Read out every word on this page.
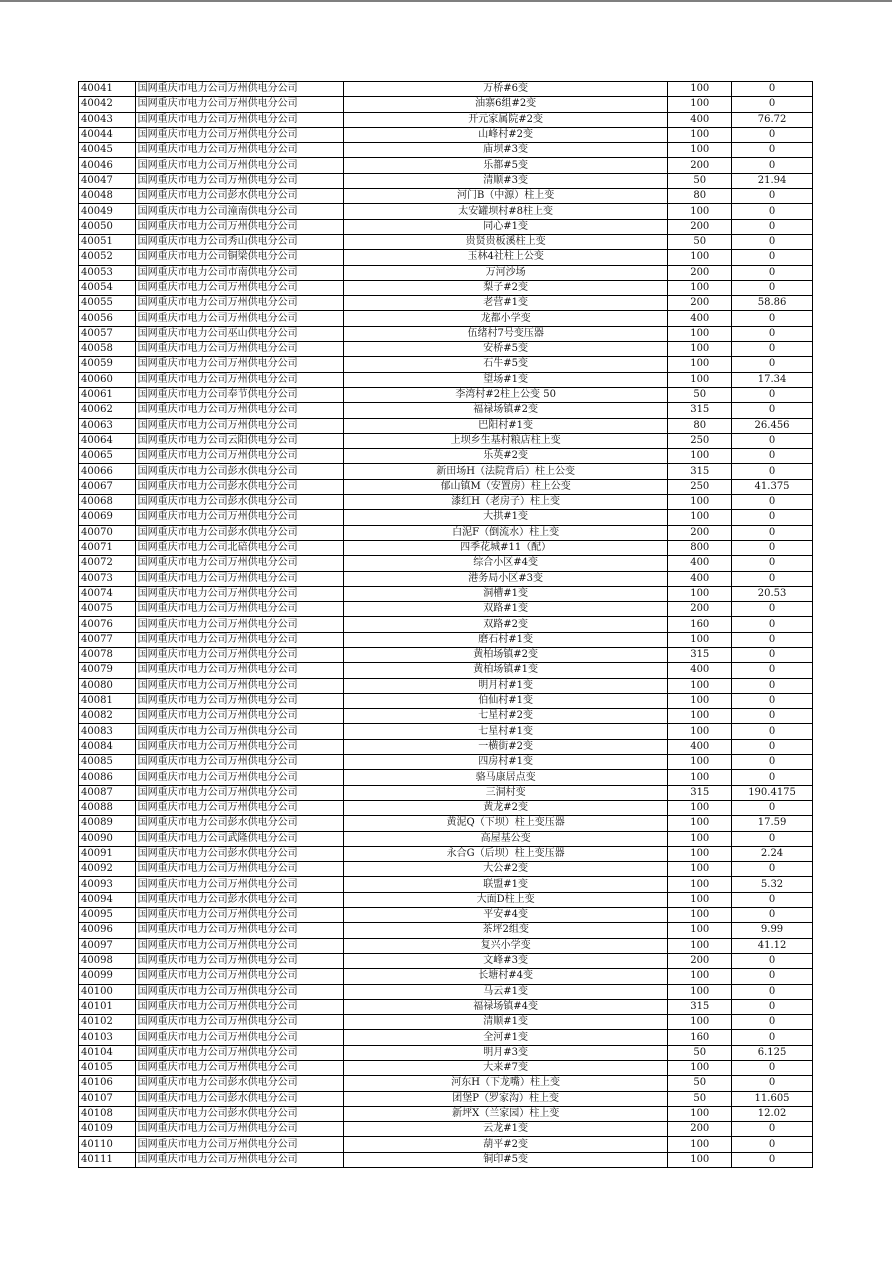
40041	国网重庆市电力公司万州供电分公司	万桥#6变	100	0
40042	国网重庆市电力公司万州供电分公司	油寨6组#2变	100	0
40043	国网重庆市电力公司万州供电分公司	开元家属院#2变	400	76.72
40044	国网重庆市电力公司万州供电分公司	山峰村#2变	100	0
40045	国网重庆市电力公司万州供电分公司	庙坝#3变	100	0
40046	国网重庆市电力公司万州供电分公司	乐都#5变	200	0
40047	国网重庆市电力公司万州供电分公司	清顺#3变	50	21.94
40048	国网重庆市电力公司彭水供电分公司	河门B（中源）柱上变	80	0
40049	国网重庆市电力公司潼南供电分公司	太安罐坝村#8柱上变	100	0
40050	国网重庆市电力公司万州供电分公司	同心#1变	200	0
40051	国网重庆市电力公司秀山供电分公司	贵贤贵板溪柱上变	50	0
40052	国网重庆市电力公司铜梁供电分公司	玉林4社柱上公变	100	0
40053	国网重庆市电力公司市南供电分公司	万河沙场	200	0
40054	国网重庆市电力公司万州供电分公司	梨子#2变	100	0
40055	国网重庆市电力公司万州供电分公司	老营#1变	200	58.86
40056	国网重庆市电力公司万州供电分公司	龙都小学变	400	0
40057	国网重庆市电力公司巫山供电分公司	伍绪村7号变压器	100	0
40058	国网重庆市电力公司万州供电分公司	安桥#5变	100	0
40059	国网重庆市电力公司万州供电分公司	石牛#5变	100	0
40060	国网重庆市电力公司万州供电分公司	望场#1变	100	17.34
40061	国网重庆市电力公司奉节供电分公司	李湾村#2柱上公变 50	50	0
40062	国网重庆市电力公司万州供电分公司	福禄场镇#2变	315	0
40063	国网重庆市电力公司万州供电分公司	巴阳村#1变	80	26.456
40064	国网重庆市电力公司云阳供电分公司	上坝乡生基村粮店柱上变	250	0
40065	国网重庆市电力公司万州供电分公司	乐英#2变	100	0
40066	国网重庆市电力公司彭水供电分公司	新田场H（法院背后）柱上公变	315	0
40067	国网重庆市电力公司彭水供电分公司	郁山镇M（安置房）柱上公变	250	41.375
40068	国网重庆市电力公司彭水供电分公司	漆红H（老房子）柱上变	100	0
40069	国网重庆市电力公司万州供电分公司	大拱#1变	100	0
40070	国网重庆市电力公司彭水供电分公司	白泥F（倒流水）柱上变	200	0
40071	国网重庆市电力公司北碚供电分公司	四季花城#11（配）	800	0
40072	国网重庆市电力公司万州供电分公司	综合小区#4变	400	0
40073	国网重庆市电力公司万州供电分公司	港务局小区#3变	400	0
40074	国网重庆市电力公司万州供电分公司	洞槽#1变	100	20.53
40075	国网重庆市电力公司万州供电分公司	双路#1变	200	0
40076	国网重庆市电力公司万州供电分公司	双路#2变	160	0
40077	国网重庆市电力公司万州供电分公司	磨石村#1变	100	0
40078	国网重庆市电力公司万州供电分公司	黄柏场镇#2变	315	0
40079	国网重庆市电力公司万州供电分公司	黄柏场镇#1变	400	0
40080	国网重庆市电力公司万州供电分公司	明月村#1变	100	0
40081	国网重庆市电力公司万州供电分公司	伯仙村#1变	100	0
40082	国网重庆市电力公司万州供电分公司	七星村#2变	100	0
40083	国网重庆市电力公司万州供电分公司	七星村#1变	100	0
40084	国网重庆市电力公司万州供电分公司	一横街#2变	400	0
40085	国网重庆市电力公司万州供电分公司	四房村#1变	100	0
40086	国网重庆市电力公司万州供电分公司	骆马康居点变	100	0
40087	国网重庆市电力公司万州供电分公司	三洞村变	315	190.4175
40088	国网重庆市电力公司万州供电分公司	黄龙#2变	100	0
40089	国网重庆市电力公司彭水供电分公司	黄泥Q（下坝）柱上变压器	100	17.59
40090	国网重庆市电力公司武隆供电分公司	高屋基公变	100	0
40091	国网重庆市电力公司彭水供电分公司	永合G（后坝）柱上变压器	100	2.24
40092	国网重庆市电力公司万州供电分公司	大公#2变	100	0
40093	国网重庆市电力公司万州供电分公司	联盟#1变	100	5.32
40094	国网重庆市电力公司彭水供电分公司	大面D柱上变	100	0
40095	国网重庆市电力公司万州供电分公司	平安#4变	100	0
40096	国网重庆市电力公司万州供电分公司	茶坪2组变	100	9.99
40097	国网重庆市电力公司万州供电分公司	复兴小学变	100	41.12
40098	国网重庆市电力公司万州供电分公司	文峰#3变	200	0
40099	国网重庆市电力公司万州供电分公司	长塘村#4变	100	0
40100	国网重庆市电力公司万州供电分公司	马云#1变	100	0
40101	国网重庆市电力公司万州供电分公司	福禄场镇#4变	315	0
40102	国网重庆市电力公司万州供电分公司	清顺#1变	100	0
40103	国网重庆市电力公司万州供电分公司	全河#1变	160	0
40104	国网重庆市电力公司万州供电分公司	明月#3变	50	6.125
40105	国网重庆市电力公司万州供电分公司	大来#7变	100	0
40106	国网重庆市电力公司彭水供电分公司	河东H（下龙嘴）柱上变	50	0
40107	国网重庆市电力公司彭水供电分公司	团堡P（罗家沟）柱上变	50	11.605
40108	国网重庆市电力公司彭水供电分公司	新坪X（兰家园）柱上变	100	12.02
40109	国网重庆市电力公司万州供电分公司	云龙#1变	200	0
40110	国网重庆市电力公司万州供电分公司	葫平#2变	100	0
40111	国网重庆市电力公司万州供电分公司	铜印#5变	100	0
